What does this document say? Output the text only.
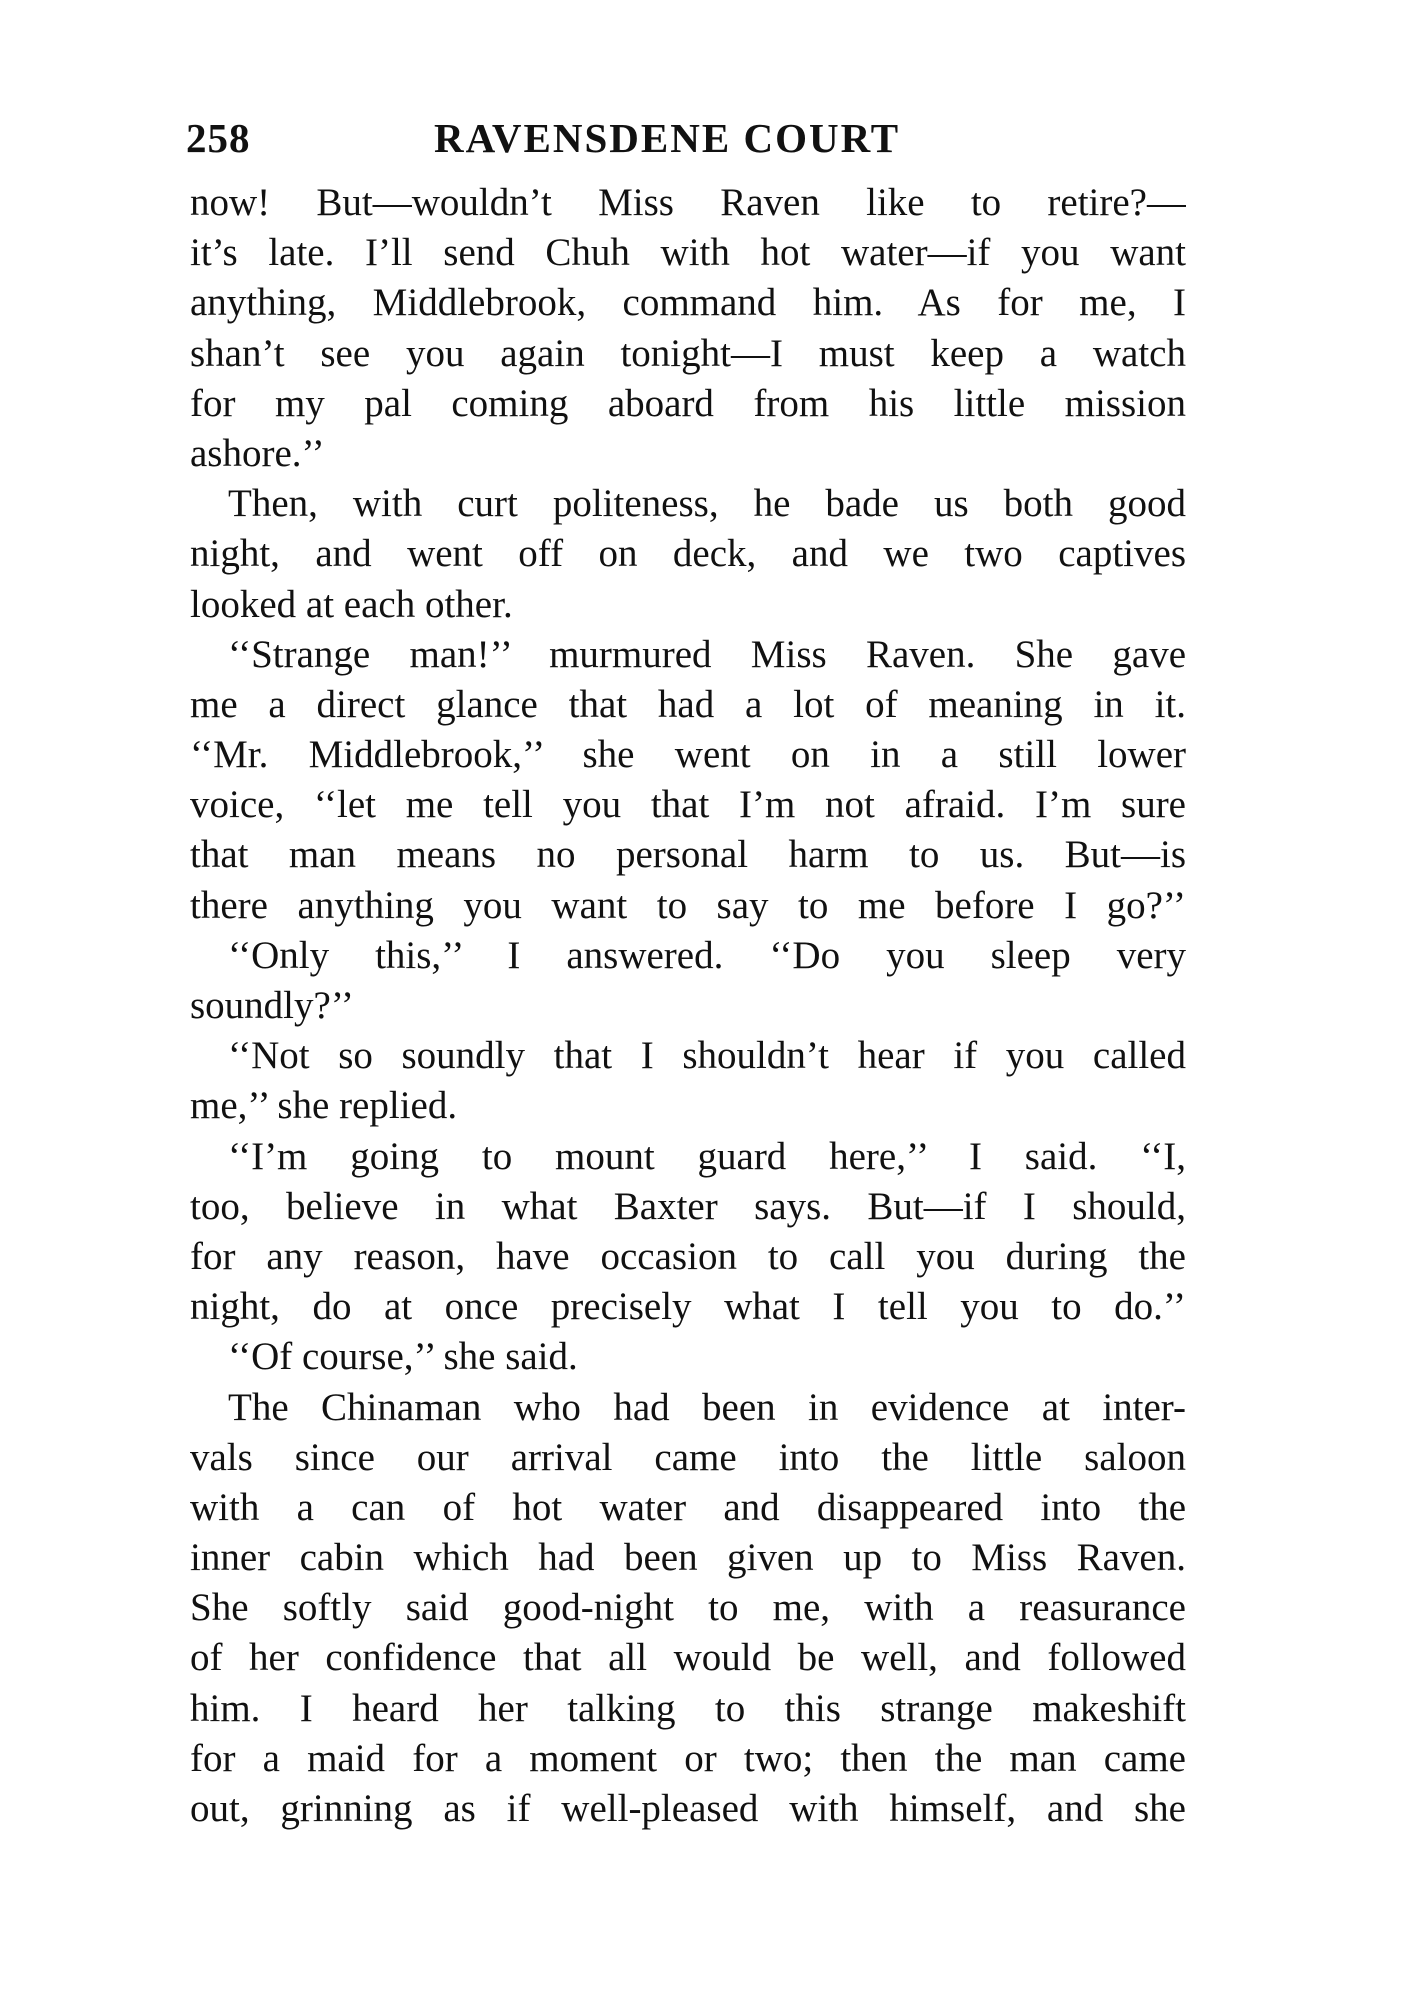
258	RAVENSDENE COURT
now! But—wouldn’t Miss Raven like to retire?—
it’s late. I’ll send Chuh with hot water—if you want
anything, Middlebrook, command him. As for me, I
shan’t see you again tonight—I must keep a watch
for my pal coming aboard from his little mission
ashore.’’
Then, with curt politeness, he bade us both good
night, and went off on deck, and we two captives
looked at each other.
‘‘Strange man!’’ murmured Miss Raven. She gave
me a direct glance that had a lot of meaning in it.
‘‘Mr. Middlebrook,’’ she went on in a still lower
voice, ‘‘let me tell you that I’m not afraid. I’m sure
that man means no personal harm to us. But—is
there anything you want to say to me before I go?’’
‘‘Only this,’’ I answered. ‘‘Do you sleep very
soundly?’’
‘‘Not so soundly that I shouldn’t hear if you called
me,’’ she replied.
‘‘I’m going to mount guard here,’’ I said. ‘‘I,
too, believe in what Baxter says. But—if I should,
for any reason, have occasion to call you during the
night, do at once precisely what I tell you to do.’’
‘‘Of course,’’ she said.
The Chinaman who had been in evidence at inter-
vals since our arrival came into the little saloon
with a can of hot water and disappeared into the
inner cabin which had been given up to Miss Raven.
She softly said good-night to me, with a reasurance
of her confidence that all would be well, and followed
him. I heard her talking to this strange makeshift
for a maid for a moment or two; then the man came
out, grinning as if well-pleased with himself, and she
